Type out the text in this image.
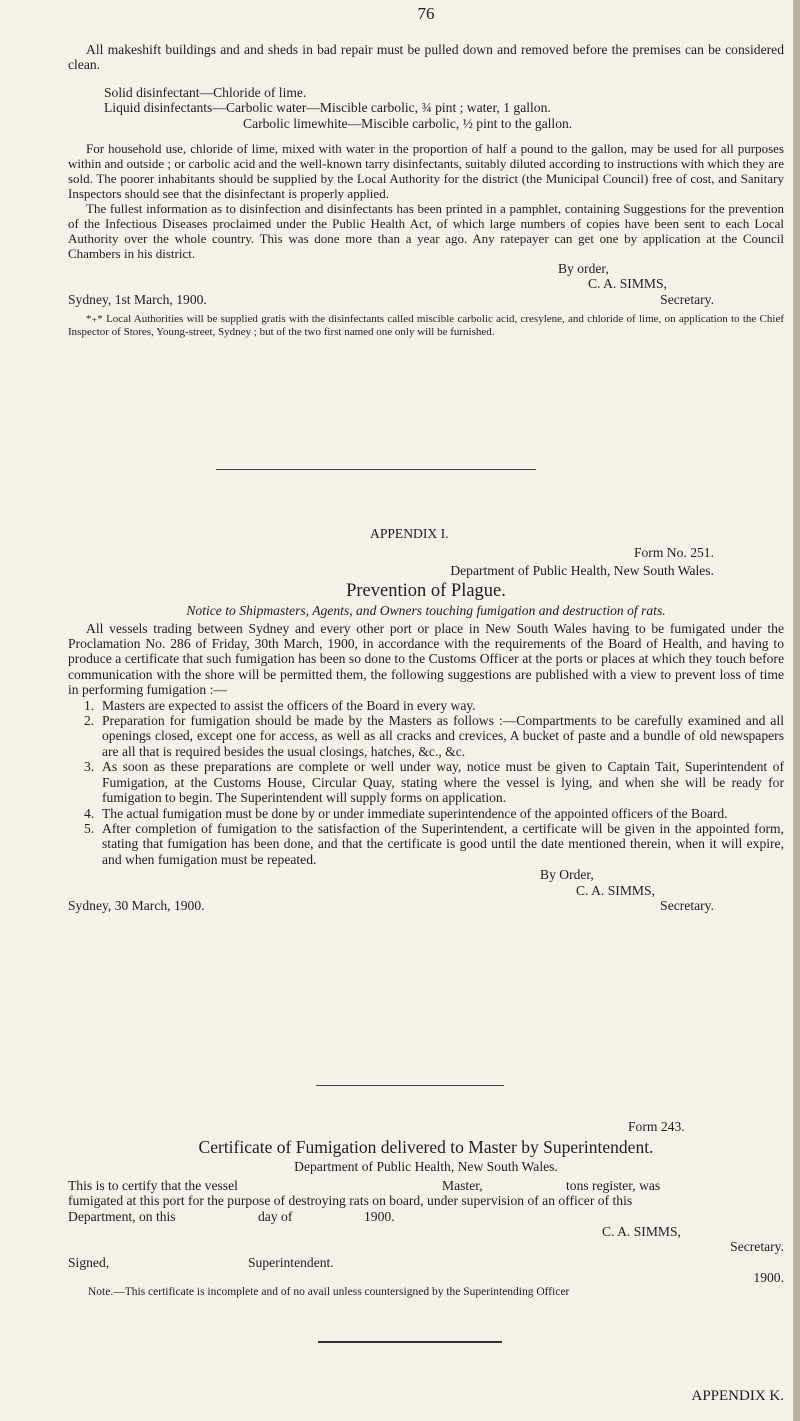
76

All makeshift buildings and and sheds in bad repair must be pulled down and removed before the premises can be considered clean.

Solid disinfectant—Chloride of lime.

Liquid disinfectants—Carbolic water—Miscible carbolic, ¾ pint ; water, 1 gallon.

Carbolic limewhite—Miscible carbolic, ½ pint to the gallon.

For household use, chloride of lime, mixed with water in the proportion of half a pound to the gallon, may be used for all purposes within and outside ; or carbolic acid and the well-known tarry disinfectants, suitably diluted according to instructions with which they are sold. The poorer inhabitants should be supplied by the Local Authority for the district (the Municipal Council) free of cost, and Sanitary Inspectors should see that the disinfectant is properly applied.

The fullest information as to disinfection and disinfectants has been printed in a pamphlet, containing Suggestions for the prevention of the Infectious Diseases proclaimed under the Public Health Act, of which large numbers of copies have been sent to each Local Authority over the whole country. This was done more than a year ago. Any ratepayer can get one by application at the Council Chambers in his district.

By order,

C. A. SIMMS,

Sydney, 1st March, 1900.	Secretary.

*₊* Local Authorities will be supplied gratis with the disinfectants called miscible carbolic acid, cresylene, and chloride of lime, on application to the Chief Inspector of Stores, Young-street, Sydney ; but of the two first named one only will be furnished.

APPENDIX I.

Form No. 251.

Department of Public Health, New South Wales.

Prevention of Plague.

Notice to Shipmasters, Agents, and Owners touching fumigation and destruction of rats.

All vessels trading between Sydney and every other port or place in New South Wales having to be fumigated under the Proclamation No. 286 of Friday, 30th March, 1900, in accordance with the requirements of the Board of Health, and having to produce a certificate that such fumigation has been so done to the Customs Officer at the ports or places at which they touch before communication with the shore will be permitted them, the following suggestions are published with a view to prevent loss of time in performing fumigation :—

1. Masters are expected to assist the officers of the Board in every way.
2. Preparation for fumigation should be made by the Masters as follows :—Compartments to be carefully examined and all openings closed, except one for access, as well as all cracks and crevices, A bucket of paste and a bundle of old newspapers are all that is required besides the usual closings, hatches, &c., &c.
3. As soon as these preparations are complete or well under way, notice must be given to Captain Tait, Superintendent of Fumigation, at the Customs House, Circular Quay, stating where the vessel is lying, and when she will be ready for fumigation to begin. The Superintendent will supply forms on application.
4. The actual fumigation must be done by or under immediate superintendence of the appointed officers of the Board.
5. After completion of fumigation to the satisfaction of the Superintendent, a certificate will be given in the appointed form, stating that fumigation has been done, and that the certificate is good until the date mentioned therein, when it will expire, and when fumigation must be repeated.

By Order,

C. A. SIMMS,

Sydney, 30 March, 1900.	Secretary.

Form 243.

Certificate of Fumigation delivered to Master by Superintendent.

Department of Public Health, New South Wales.

This is to certify that the vessel	Master,	tons register, was

fumigated at this port for the purpose of destroying rats on board, under supervision of an officer of this

Department, on this	day of	1900.

C. A. SIMMS,

Secretary.

Signed,	Superintendent.

1900.

Note.—This certificate is incomplete and of no avail unless countersigned by the Superintending Officer

APPENDIX K.
